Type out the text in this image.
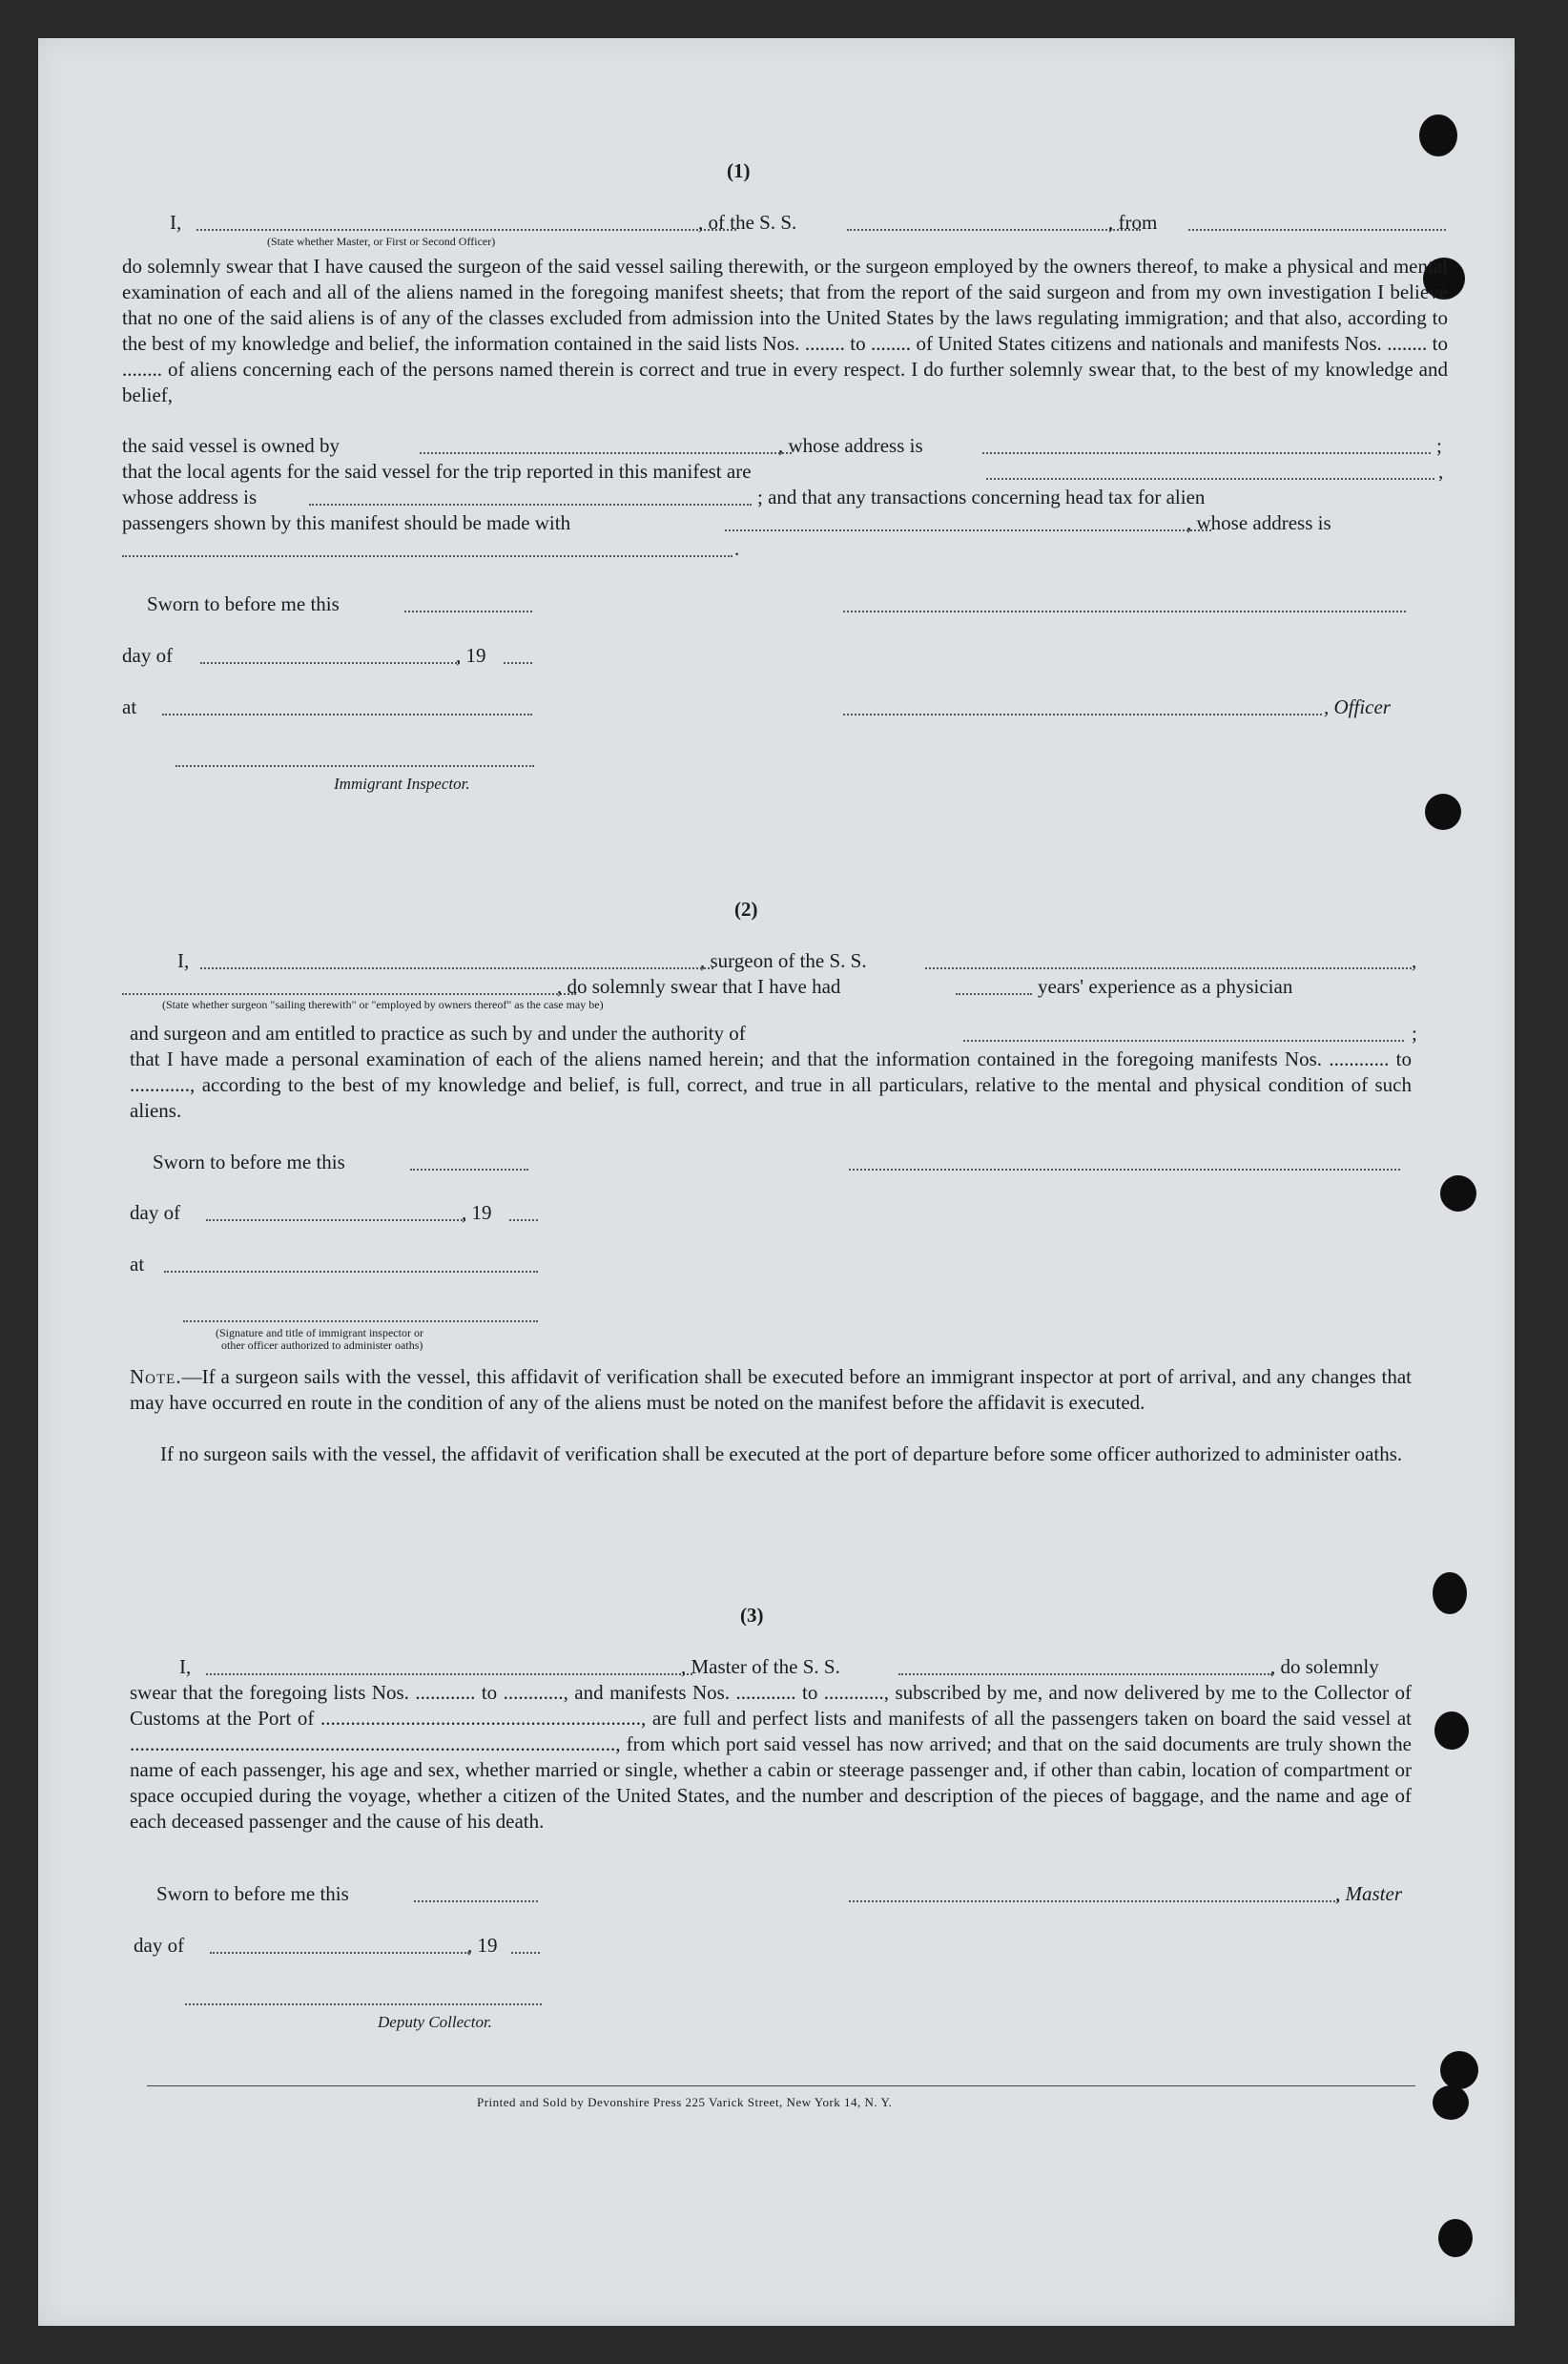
(1)
I,	, of the S. S.	, from
(State whether Master, or First or Second Officer)
do solemnly swear that I have caused the surgeon of the said vessel sailing therewith, or the surgeon employed by the owners thereof, to make a physical and mental examination of each and all of the aliens named in the foregoing manifest sheets; that from the report of the said surgeon and from my own investigation I believe that no one of the said aliens is of any of the classes excluded from admission into the United States by the laws regulating immigration; and that also, according to the best of my knowledge and belief, the information contained in the said lists Nos. ........ to ........ of United States citizens and nationals and manifests Nos. ........ to ........ of aliens concerning each of the persons named therein is correct and true in every respect. I do further solemnly swear that, to the best of my knowledge and belief,
the said vessel is owned by	, whose address is	;
that the local agents for the said vessel for the trip reported in this manifest are	,
whose address is	; and that any transactions concerning head tax for alien
passengers shown by this manifest should be made with	, whose address is
.
Sworn to before me this
day of	, 19
at	, Officer
Immigrant Inspector.
(2)
I,	, surgeon of the S. S.	,
, do solemnly swear that I have had	years' experience as a physician
(State whether surgeon "sailing therewith" or "employed by owners thereof" as the case may be)
and surgeon and am entitled to practice as such by and under the authority of	;
that I have made a personal examination of each of the aliens named herein; and that the information contained in the foregoing manifests Nos. ............ to ............, according to the best of my knowledge and belief, is full, correct, and true in all particulars, relative to the mental and physical condition of such aliens.
Sworn to before me this
day of	, 19
at
(Signature and title of immigrant inspector or
other officer authorized to administer oaths)
Note.—If a surgeon sails with the vessel, this affidavit of verification shall be executed before an immigrant inspector at port of arrival, and any changes that may have occurred en route in the condition of any of the aliens must be noted on the manifest before the affidavit is executed.
If no surgeon sails with the vessel, the affidavit of verification shall be executed at the port of departure before some officer authorized to administer oaths.
(3)
I,	, Master of the S. S.	, do solemnly
swear that the foregoing lists Nos. ............ to ............, and manifests Nos. ............ to ............, subscribed by me, and now delivered by me to the Collector of Customs at the Port of ................................................................, are full and perfect lists and manifests of all the passengers taken on board the said vessel at ................................................................................................., from which port said vessel has now arrived; and that on the said documents are truly shown the name of each passenger, his age and sex, whether married or single, whether a cabin or steerage passenger and, if other than cabin, location of compartment or space occupied during the voyage, whether a citizen of the United States, and the number and description of the pieces of baggage, and the name and age of each deceased passenger and the cause of his death.
Sworn to before me this	, Master
day of	, 19
Deputy Collector.
Printed and Sold by Devonshire Press 225 Varick Street, New York 14, N. Y.
